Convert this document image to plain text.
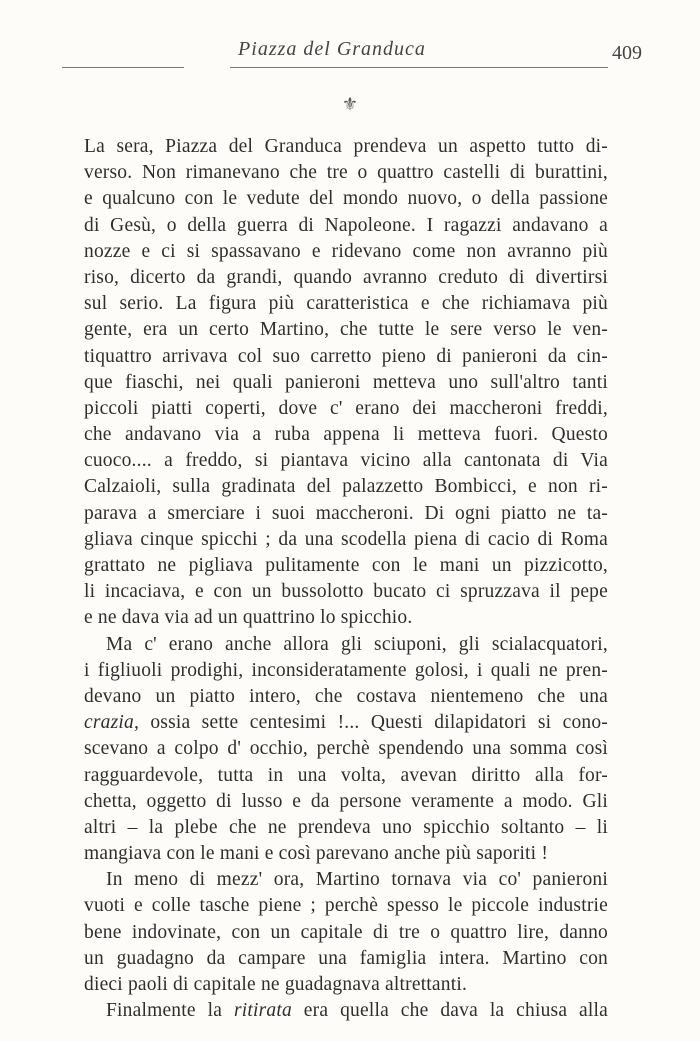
Piazza del Granduca	409
⚜
La sera, Piazza del Granduca prendeva un aspetto tutto di-
verso. Non rimanevano che tre o quattro castelli di burattini,
e qualcuno con le vedute del mondo nuovo, o della passione
di Gesù, o della guerra di Napoleone. I ragazzi andavano a
nozze e ci si spassavano e ridevano come non avranno più
riso, dicerto da grandi, quando avranno creduto di divertirsi
sul serio. La figura più caratteristica e che richiamava più
gente, era un certo Martino, che tutte le sere verso le ven-
tiquattro arrivava col suo carretto pieno di panieroni da cin-
que fiaschi, nei quali panieroni metteva uno sull'altro tanti
piccoli piatti coperti, dove c' erano dei maccheroni freddi,
che andavano via a ruba appena li metteva fuori. Questo
cuoco.... a freddo, si piantava vicino alla cantonata di Via
Calzaioli, sulla gradinata del palazzetto Bombicci, e non ri-
parava a smerciare i suoi maccheroni. Di ogni piatto ne ta-
gliava cinque spicchi ; da una scodella piena di cacio di Roma
grattato ne pigliava pulitamente con le mani un pizzicotto,
li incaciava, e con un bussolotto bucato ci spruzzava il pepe
e ne dava via ad un quattrino lo spicchio.
Ma c' erano anche allora gli sciuponi, gli scialacquatori,
i figliuoli prodighi, inconsideratamente golosi, i quali ne pren-
devano un piatto intero, che costava nientemeno che una
crazia, ossia sette centesimi !... Questi dilapidatori si cono-
scevano a colpo d' occhio, perchè spendendo una somma così
ragguardevole, tutta in una volta, avevan diritto alla for-
chetta, oggetto di lusso e da persone veramente a modo. Gli
altri – la plebe che ne prendeva uno spicchio soltanto – li
mangiava con le mani e così parevano anche più saporiti !
In meno di mezz' ora, Martino tornava via co' panieroni
vuoti e colle tasche piene ; perchè spesso le piccole industrie
bene indovinate, con un capitale di tre o quattro lire, danno
un guadagno da campare una famiglia intera. Martino con
dieci paoli di capitale ne guadagnava altrettanti.
Finalmente la ritirata era quella che dava la chiusa alla
